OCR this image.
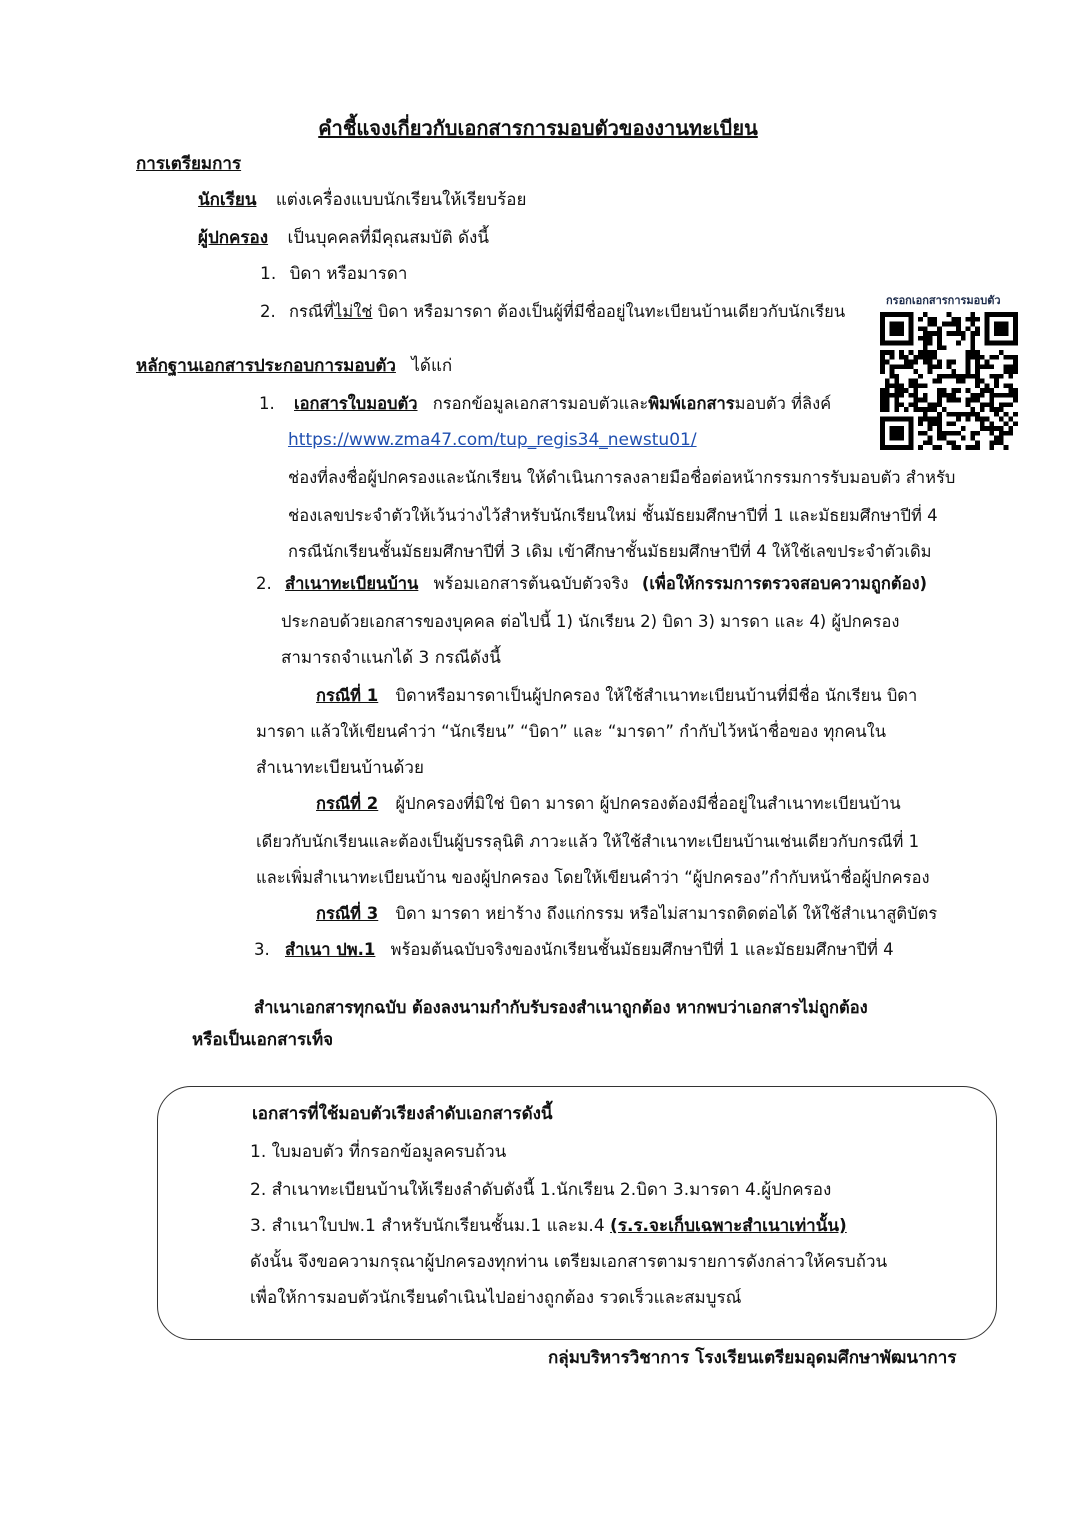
คำชี้แจงเกี่ยวกับเอกสารการมอบตัวของงานทะเบียน
การเตรียมการ
นักเรียน แต่งเครื่องแบบนักเรียนให้เรียบร้อย
ผู้ปกครอง เป็นบุคคลที่มีคุณสมบัติ ดังนี้
1. บิดา หรือมารดา
2. กรณีที่ไม่ใช่ บิดา หรือมารดา ต้องเป็นผู้ที่มีชื่ออยู่ในทะเบียนบ้านเดียวกับนักเรียน
กรอกเอกสารการมอบตัว
หลักฐานเอกสารประกอบการมอบตัว ได้แก่
1. เอกสารใบมอบตัว กรอกข้อมูลเอกสารมอบตัวและพิมพ์เอกสารมอบตัว ที่ลิงค์
https://www.zma47.com/tup_regis34_newstu01/
ช่องที่ลงชื่อผู้ปกครองและนักเรียน ให้ดำเนินการลงลายมือชื่อต่อหน้ากรรมการรับมอบตัว สำหรับ
ช่องเลขประจำตัวให้เว้นว่างไว้สำหรับนักเรียนใหม่ ชั้นมัธยมศึกษาปีที่ 1 และมัธยมศึกษาปีที่ 4
กรณีนักเรียนชั้นมัธยมศึกษาปีที่ 3 เดิม เข้าศึกษาชั้นมัธยมศึกษาปีที่ 4 ให้ใช้เลขประจำตัวเดิม
2. สำเนาทะเบียนบ้าน พร้อมเอกสารต้นฉบับตัวจริง (เพื่อให้กรรมการตรวจสอบความถูกต้อง)
ประกอบด้วยเอกสารของบุคคล ต่อไปนี้ 1) นักเรียน 2) บิดา 3) มารดา และ 4) ผู้ปกครอง
สามารถจำแนกได้ 3 กรณีดังนี้
กรณีที่ 1 บิดาหรือมารดาเป็นผู้ปกครอง ให้ใช้สำเนาทะเบียนบ้านที่มีชื่อ นักเรียน บิดา
มารดา แล้วให้เขียนคำว่า “นักเรียน” “บิดา” และ “มารดา” กำกับไว้หน้าชื่อของ ทุกคนใน
สำเนาทะเบียนบ้านด้วย
กรณีที่ 2 ผู้ปกครองที่มิใช่ บิดา มารดา ผู้ปกครองต้องมีชื่ออยู่ในสำเนาทะเบียนบ้าน
เดียวกับนักเรียนและต้องเป็นผู้บรรลุนิติ ภาวะแล้ว ให้ใช้สำเนาทะเบียนบ้านเช่นเดียวกับกรณีที่ 1
และเพิ่มสำเนาทะเบียนบ้าน ของผู้ปกครอง โดยให้เขียนคำว่า “ผู้ปกครอง”กำกับหน้าชื่อผู้ปกครอง
กรณีที่ 3 บิดา มารดา หย่าร้าง ถึงแก่กรรม หรือไม่สามารถติดต่อได้ ให้ใช้สำเนาสูติบัตร
3. สำเนา ปพ.1 พร้อมต้นฉบับจริงของนักเรียนชั้นมัธยมศึกษาปีที่ 1 และมัธยมศึกษาปีที่ 4
สำเนาเอกสารทุกฉบับ ต้องลงนามกำกับรับรองสำเนาถูกต้อง หากพบว่าเอกสารไม่ถูกต้อง
หรือเป็นเอกสารเท็จ
เอกสารที่ใช้มอบตัวเรียงลำดับเอกสารดังนี้
1. ใบมอบตัว ที่กรอกข้อมูลครบถ้วน
2. สำเนาทะเบียนบ้านให้เรียงลำดับดังนี้ 1.นักเรียน 2.บิดา 3.มารดา 4.ผู้ปกครอง
3. สำเนาใบปพ.1 สำหรับนักเรียนชั้นม.1 และม.4 (ร.ร.จะเก็บเฉพาะสำเนาเท่านั้น)
ดังนั้น จึงขอความกรุณาผู้ปกครองทุกท่าน เตรียมเอกสารตามรายการดังกล่าวให้ครบถ้วน
เพื่อให้การมอบตัวนักเรียนดำเนินไปอย่างถูกต้อง รวดเร็วและสมบูรณ์
กลุ่มบริหารวิชาการ โรงเรียนเตรียมอุดมศึกษาพัฒนาการ
